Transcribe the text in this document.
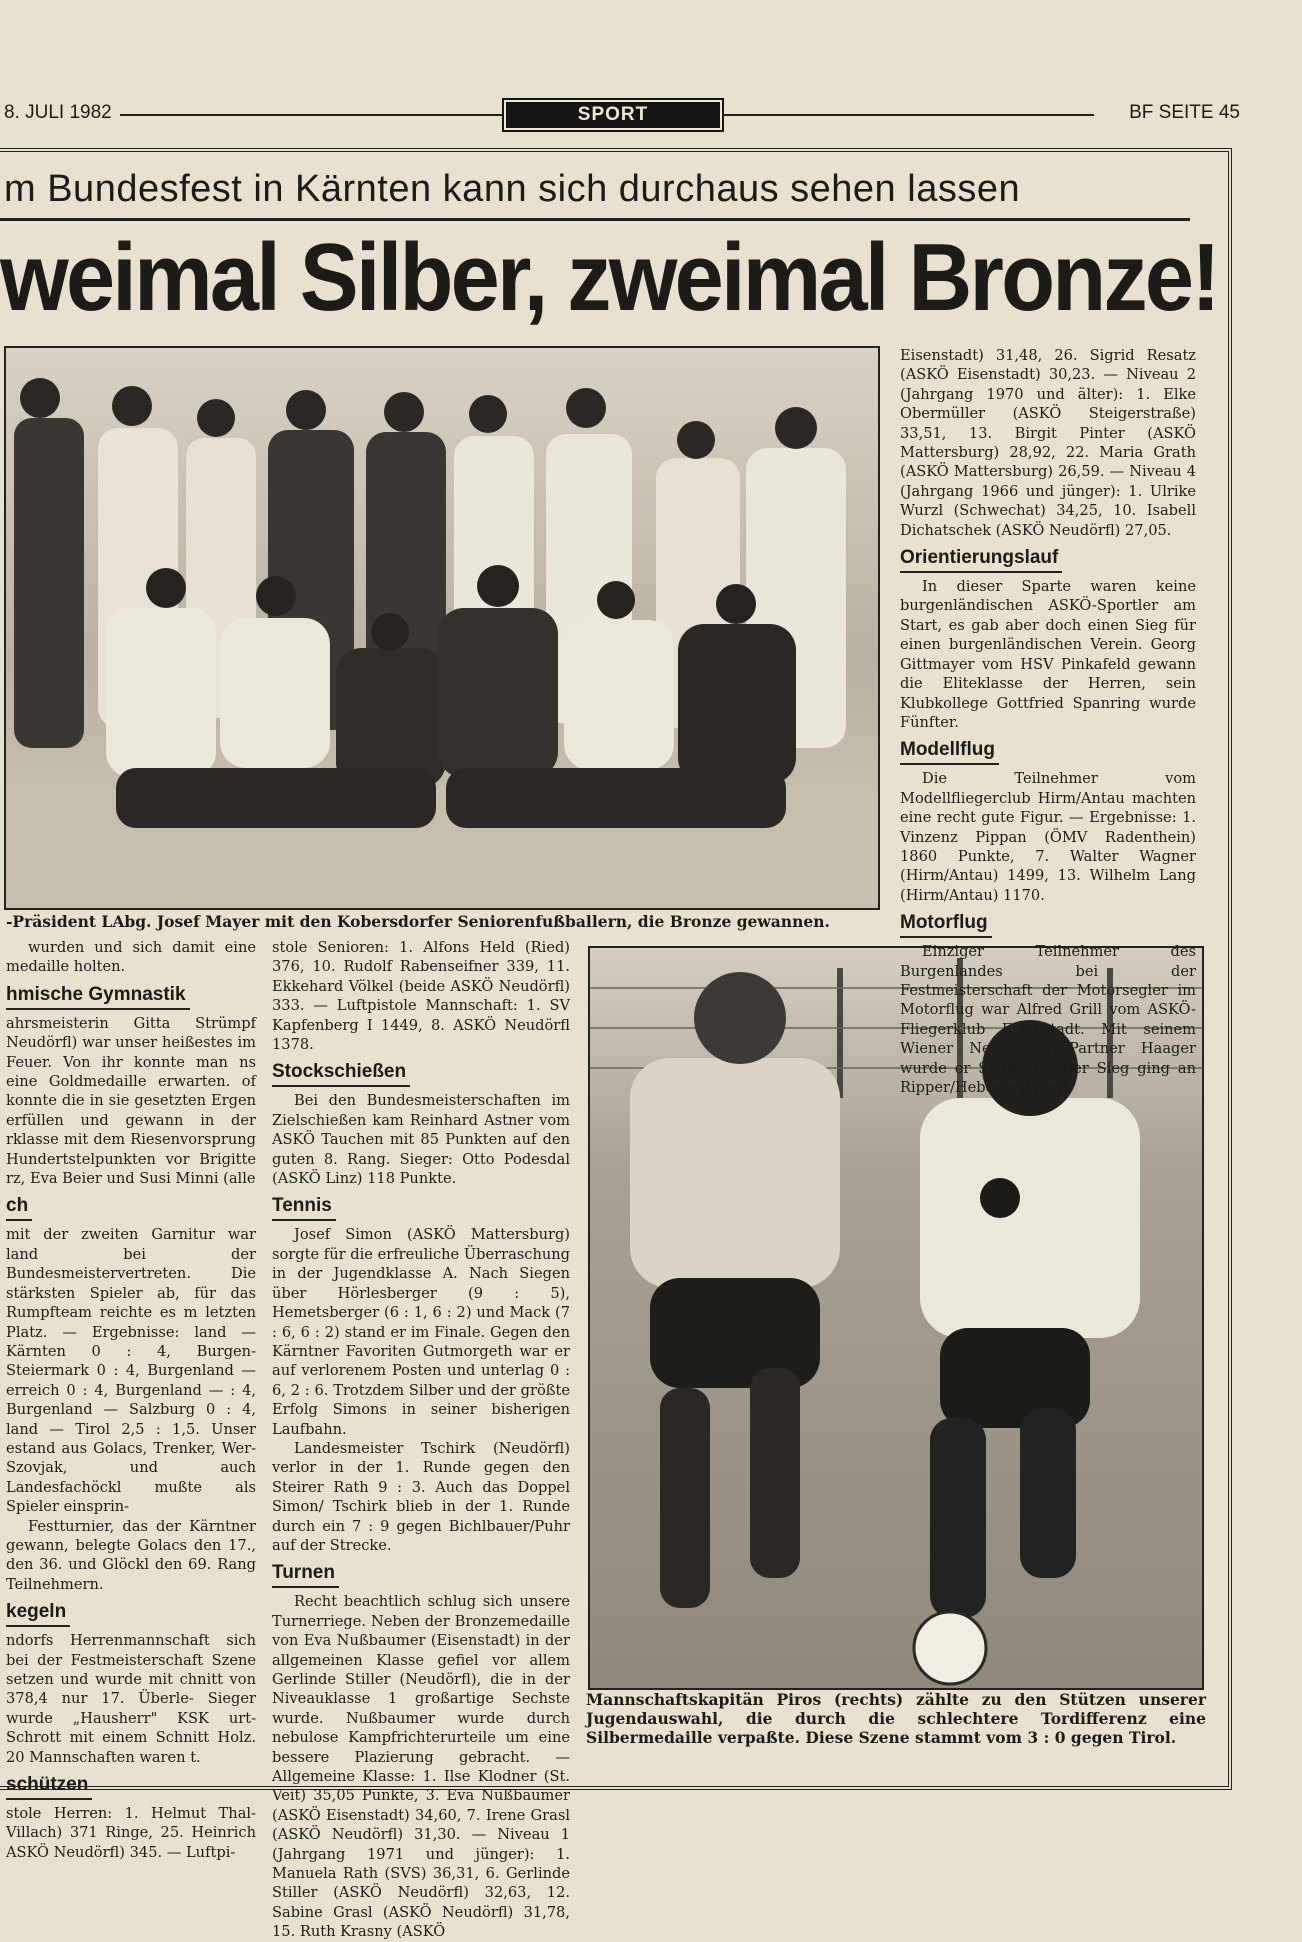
8. JULI 1982	SPORT	BF SEITE 45
m Bundesfest in Kärnten kann sich durchaus sehen lassen
weimal Silber, zweimal Bronze!
-Präsident LAbg. Josef Mayer mit den Kobersdorfer Seniorenfußballern, die Bronze gewannen.
Mannschaftskapitän Piros (rechts) zählte zu den Stützen unserer Jugendauswahl, die durch die schlechtere Tordifferenz eine Silbermedaille verpaßte. Diese Szene stammt vom 3 : 0 gegen Tirol.

wurden und sich damit eine medaille holten.

hmische Gymnastik

ahrsmeisterin Gitta Strümpf Neudörfl) war unser heißestes im Feuer. Von ihr konnte man ns eine Goldmedaille erwarten. of konnte die in sie gesetzten Ergen erfüllen und gewann in der rklasse mit dem Riesenvorsprung Hundertstelpunkten vor Brigitte rz, Eva Beier und Susi Minni (alle

ch

mit der zweiten Garnitur war land bei der Bundesmeistervertreten. Die stärksten Spieler ab, für das Rumpfteam reichte es m letzten Platz. — Ergebnisse: land — Kärnten 0 : 4, Burgen- Steiermark 0 : 4, Burgenland — erreich 0 : 4, Burgenland — : 4, Burgenland — Salzburg 0 : 4, land — Tirol 2,5 : 1,5. Unser estand aus Golacs, Trenker, Wer- Szovjak, und auch Landesfachöckl mußte als Spieler einsprin-

Festturnier, das der Kärntner gewann, belegte Golacs den 17., den 36. und Glöckl den 69. Rang Teilnehmern.

kegeln

ndorfs Herrenmannschaft sich bei der Festmeisterschaft Szene setzen und wurde mit chnitt von 378,4 nur 17. Überle- Sieger wurde „Hausherr" KSK urt-Schrott mit einem Schnitt Holz. 20 Mannschaften waren t.

schützen

stole Herren: 1. Helmut Thal- Villach) 371 Ringe, 25. Heinrich ASKÖ Neudörfl) 345. — Luftpi-

stole Senioren: 1. Alfons Held (Ried) 376, 10. Rudolf Rabenseifner 339, 11. Ekkehard Völkel (beide ASKÖ Neudörfl) 333. — Luftpistole Mannschaft: 1. SV Kapfenberg I 1449, 8. ASKÖ Neudörfl 1378.

Stockschießen

Bei den Bundesmeisterschaften im Zielschießen kam Reinhard Astner vom ASKÖ Tauchen mit 85 Punkten auf den guten 8. Rang. Sieger: Otto Podesdal (ASKÖ Linz) 118 Punkte.

Tennis

Josef Simon (ASKÖ Mattersburg) sorgte für die erfreuliche Überraschung in der Jugendklasse A. Nach Siegen über Hörlesberger (9 : 5), Hemetsberger (6 : 1, 6 : 2) und Mack (7 : 6, 6 : 2) stand er im Finale. Gegen den Kärntner Favoriten Gutmorgeth war er auf verlorenem Posten und unterlag 0 : 6, 2 : 6. Trotzdem Silber und der größte Erfolg Simons in seiner bisherigen Laufbahn.

Landesmeister Tschirk (Neudörfl) verlor in der 1. Runde gegen den Steirer Rath 9 : 3. Auch das Doppel Simon/ Tschirk blieb in der 1. Runde durch ein 7 : 9 gegen Bichlbauer/Puhr auf der Strecke.

Turnen

Recht beachtlich schlug sich unsere Turnerriege. Neben der Bronzemedaille von Eva Nußbaumer (Eisenstadt) in der allgemeinen Klasse gefiel vor allem Gerlinde Stiller (Neudörfl), die in der Niveauklasse 1 großartige Sechste wurde. Nußbaumer wurde durch nebulose Kampfrichterurteile um eine bessere Plazierung gebracht. — Allgemeine Klasse: 1. Ilse Klodner (St. Veit) 35,05 Punkte, 3. Eva Nußbaumer (ASKÖ Eisenstadt) 34,60, 7. Irene Grasl (ASKÖ Neudörfl) 31,30. — Niveau 1 (Jahrgang 1971 und jünger): 1. Manuela Rath (SVS) 36,31, 6. Gerlinde Stiller (ASKÖ Neudörfl) 32,63, 12. Sabine Grasl (ASKÖ Neudörfl) 31,78, 15. Ruth Krasny (ASKÖ

Eisenstadt) 31,48, 26. Sigrid Resatz (ASKÖ Eisenstadt) 30,23. — Niveau 2 (Jahrgang 1970 und älter): 1. Elke Obermüller (ASKÖ Steigerstraße) 33,51, 13. Birgit Pinter (ASKÖ Mattersburg) 28,92, 22. Maria Grath (ASKÖ Mattersburg) 26,59. — Niveau 4 (Jahrgang 1966 und jünger): 1. Ulrike Wurzl (Schwechat) 34,25, 10. Isabell Dichatschek (ASKÖ Neudörfl) 27,05.

Orientierungslauf

In dieser Sparte waren keine burgenländischen ASKÖ-Sportler am Start, es gab aber doch einen Sieg für einen burgenländischen Verein. Georg Gittmayer vom HSV Pinkafeld gewann die Eliteklasse der Herren, sein Klubkollege Gottfried Spanring wurde Fünfter.

Modellflug

Die Teilnehmer vom Modellfliegerclub Hirm/Antau machten eine recht gute Figur. — Ergebnisse: 1. Vinzenz Pippan (ÖMV Radenthein) 1860 Punkte, 7. Walter Wagner (Hirm/Antau) 1499, 13. Wilhelm Lang (Hirm/Antau) 1170.

Motorflug

Einziger Teilnehmer des Burgenlandes bei der Festmeisterschaft der Motorsegler im Motorflug war Alfred Grill vom ASKÖ-Fliegerklub Eisenstadt. Mit seinem Wiener Neustädter Partner Haager wurde er Siebenter. Der Sieg ging an Ripper/Heberle (Wien).
